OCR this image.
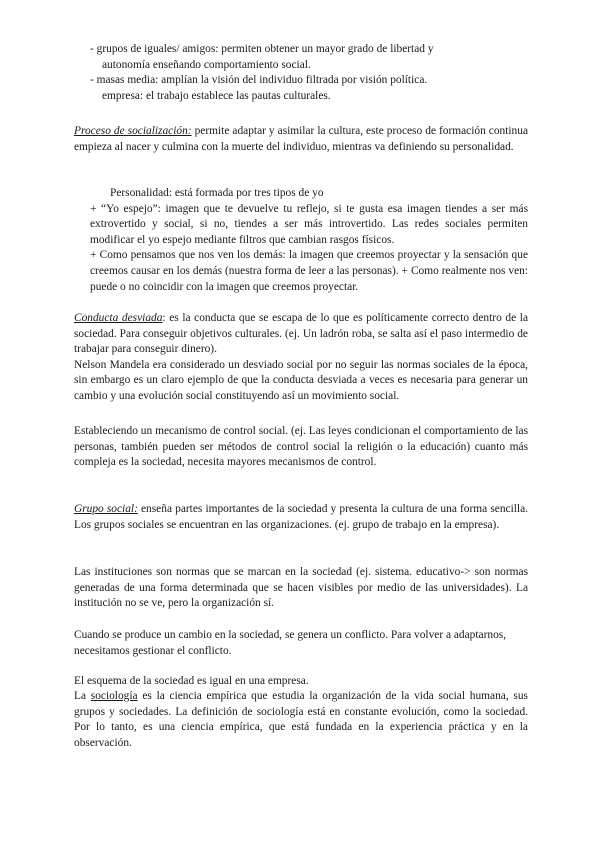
- grupos de iguales/ amigos: permiten obtener un mayor grado de libertad y
autonomía enseñando comportamiento social.

- masas media: amplían la visión del individuo filtrada por visión política.
empresa: el trabajo establece las pautas culturales.

Proceso de socialización: permite adaptar y asimilar la cultura, este proceso de formación continua empieza al nacer y culmina con la muerte del individuo, mientras va definiendo su personalidad.

Personalidad: está formada por tres tipos de yo

+ “Yo espejo”: imagen que te devuelve tu reflejo, si te gusta esa imagen tiendes a ser más extrovertido y social, si no, tiendes a ser más introvertido. Las redes sociales permiten modificar el yo espejo mediante filtros que cambian rasgos físicos.

+ Como pensamos que nos ven los demás: la imagen que creemos proyectar y la sensación que creemos causar en los demás (nuestra forma de leer a las personas). + Como realmente nos ven: puede o no coincidir con la imagen que creemos proyectar.

Conducta desviada: es la conducta que se escapa de lo que es políticamente correcto dentro de la sociedad. Para conseguir objetivos culturales. (ej. Un ladrón roba, se salta así el paso intermedio de trabajar para conseguir dinero).

Nelson Mandela era considerado un desviado social por no seguir las normas sociales de la época, sin embargo es un claro ejemplo de que la conducta desviada a veces es necesaria para generar un cambio y una evolución social constituyendo así un movimiento social.

Estableciendo un mecanismo de control social. (ej. Las leyes condicionan el comportamiento de las personas, también pueden ser métodos de control social la religión o la educación) cuanto más compleja es la sociedad, necesita mayores mecanismos de control.

Grupo social: enseña partes importantes de la sociedad y presenta la cultura de una forma sencilla. Los grupos sociales se encuentran en las organizaciones. (ej. grupo de trabajo en la empresa).

Las instituciones son normas que se marcan en la sociedad (ej. sistema. educativo-> son normas generadas de una forma determinada que se hacen visibles por medio de las universidades). La institución no se ve, pero la organización sí.

Cuando se produce un cambio en la sociedad, se genera un conflicto. Para volver a adaptarnos, necesitamos gestionar el conflicto.

El esquema de la sociedad es igual en una empresa.

La sociología es la ciencia empírica que estudia la organización de la vida social humana, sus grupos y sociedades. La definición de sociología está en constante evolución, como la sociedad. Por lo tanto, es una ciencia empírica, que está fundada en la experiencia práctica y en la observación.
